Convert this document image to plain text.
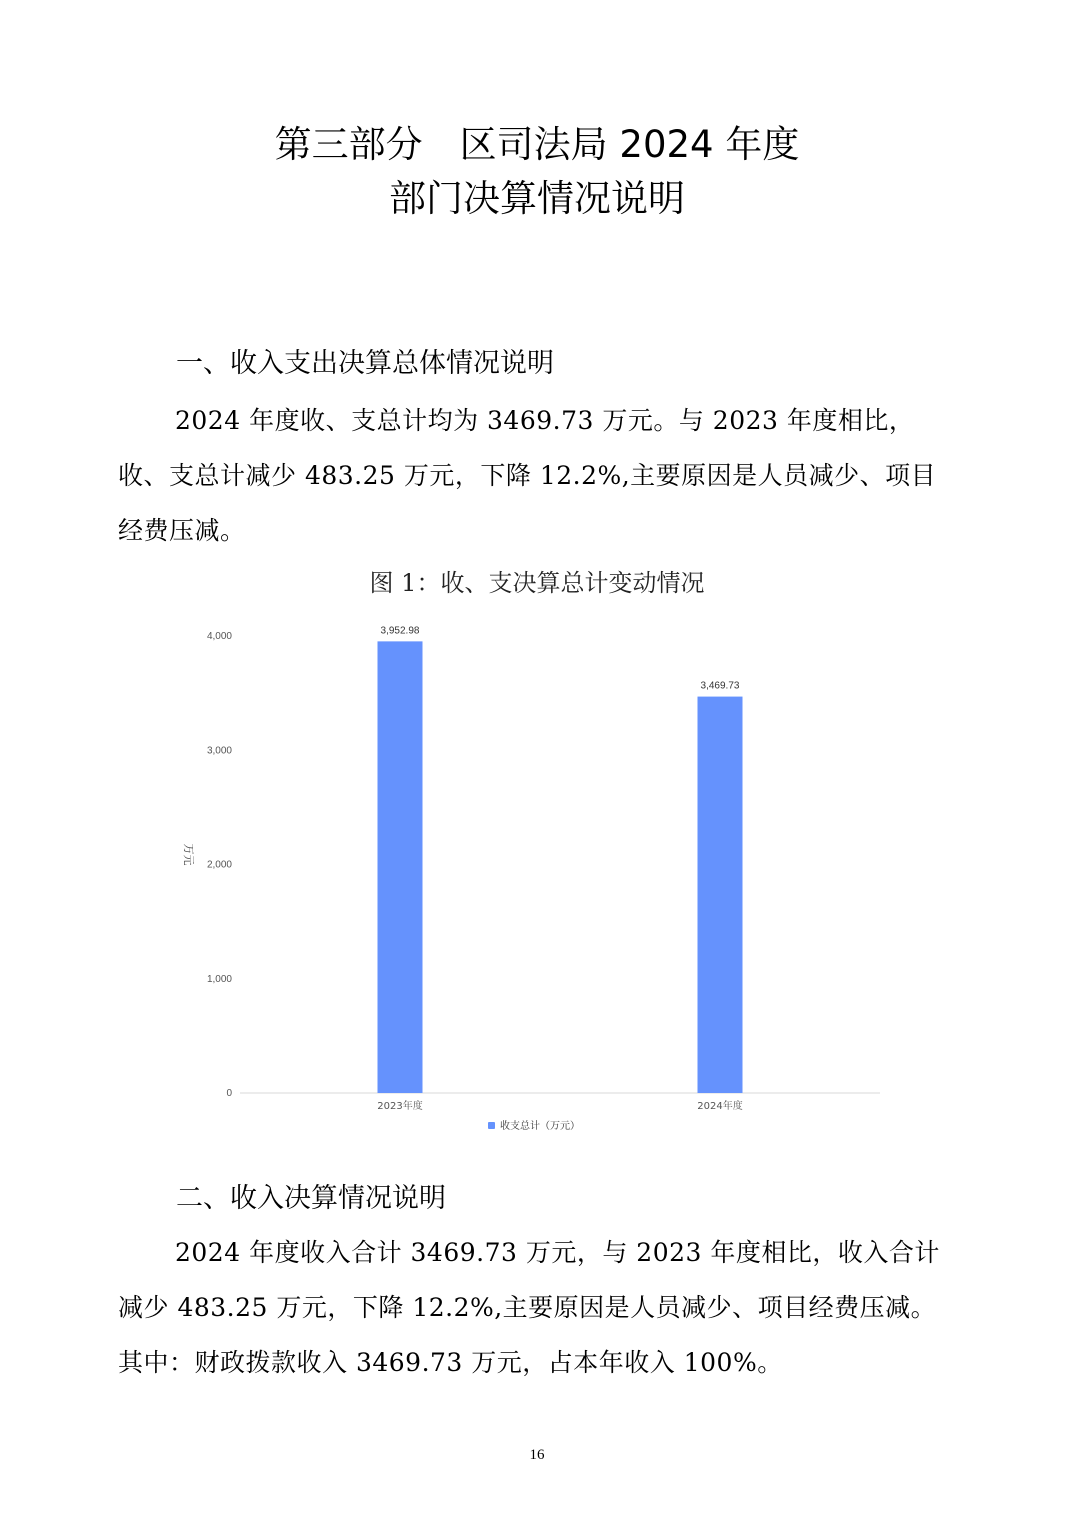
第三部分　区司法局 2024 年度
部门决算情况说明
一、收入支出决算总体情况说明
2024 年度收、支总计均为 3469.73 万元。与 2023 年度相比，收、支总计减少 483.25 万元，下降 12.2%,主要原因是人员减少、项目经费压减。
图 1：收、支决算总计变动情况
0
1,000
2,000
3,000
4,000
万元
3,952.98
2023年度
3,469.73
2024年度
收支总计（万元）
二、收入决算情况说明
2024 年度收入合计 3469.73 万元，与 2023 年度相比，收入合计减少 483.25 万元，下降 12.2%,主要原因是人员减少、项目经费压减。其中：财政拨款收入 3469.73 万元，占本年收入 100%。
16
